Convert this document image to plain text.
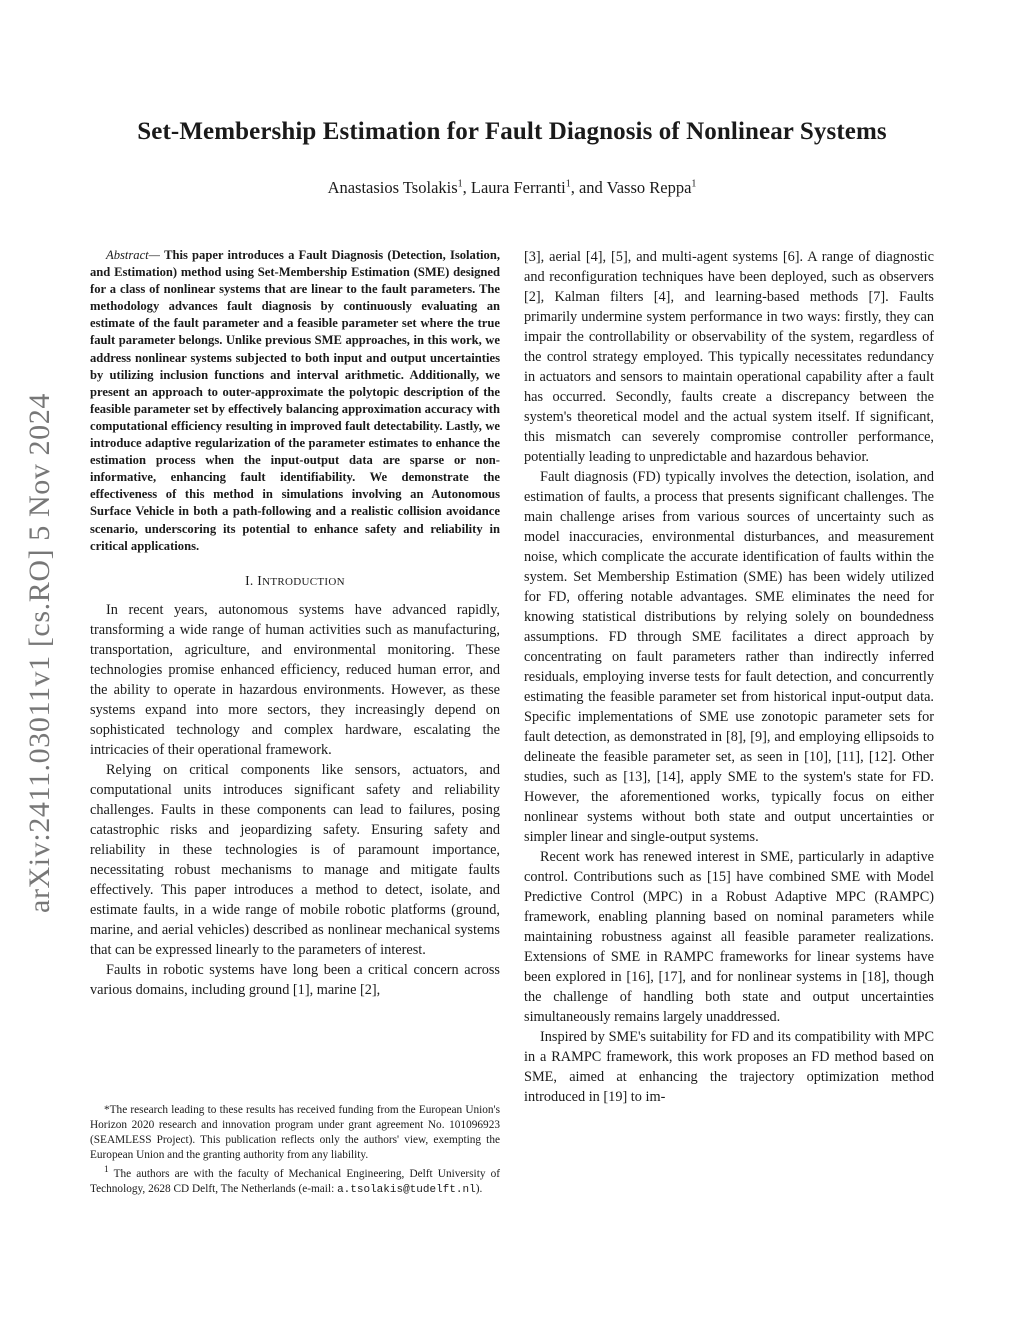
arXiv:2411.03011v1 [cs.RO] 5 Nov 2024
Set-Membership Estimation for Fault Diagnosis of Nonlinear Systems
Anastasios Tsolakis$^1$, Laura Ferranti$^1$, and Vasso Reppa$^1$

Abstract— This paper introduces a Fault Diagnosis (Detection, Isolation, and Estimation) method using Set-Membership Estimation (SME) designed for a class of nonlinear systems that are linear to the fault parameters. The methodology advances fault diagnosis by continuously evaluating an estimate of the fault parameter and a feasible parameter set where the true fault parameter belongs. Unlike previous SME approaches, in this work, we address nonlinear systems subjected to both input and output uncertainties by utilizing inclusion functions and interval arithmetic. Additionally, we present an approach to outer-approximate the polytopic description of the feasible parameter set by effectively balancing approximation accuracy with computational efficiency resulting in improved fault detectability. Lastly, we introduce adaptive regularization of the parameter estimates to enhance the estimation process when the input-output data are sparse or non-informative, enhancing fault identifiability. We demonstrate the effectiveness of this method in simulations involving an Autonomous Surface Vehicle in both a path-following and a realistic collision avoidance scenario, underscoring its potential to enhance safety and reliability in critical applications.

I. INTRODUCTION

In recent years, autonomous systems have advanced rapidly, transforming a wide range of human activities such as manufacturing, transportation, agriculture, and environmental monitoring. These technologies promise enhanced efficiency, reduced human error, and the ability to operate in hazardous environments. However, as these systems expand into more sectors, they increasingly depend on sophisticated technology and complex hardware, escalating the intricacies of their operational framework.

Relying on critical components like sensors, actuators, and computational units introduces significant safety and reliability challenges. Faults in these components can lead to failures, posing catastrophic risks and jeopardizing safety. Ensuring safety and reliability in these technologies is of paramount importance, necessitating robust mechanisms to manage and mitigate faults effectively. This paper introduces a method to detect, isolate, and estimate faults, in a wide range of mobile robotic platforms (ground, marine, and aerial vehicles) described as nonlinear mechanical systems that can be expressed linearly to the parameters of interest.

Faults in robotic systems have long been a critical concern across various domains, including ground [1], marine [2],

*The research leading to these results has received funding from the European Union's Horizon 2020 research and innovation program under grant agreement No. 101096923 (SEAMLESS Project). This publication reflects only the authors' view, exempting the European Union and the granting authority from any liability.

$^1$ The authors are with the faculty of Mechanical Engineering, Delft University of Technology, 2628 CD Delft, The Netherlands (e-mail: a.tsolakis@tudelft.nl).

[3], aerial [4], [5], and multi-agent systems [6]. A range of diagnostic and reconfiguration techniques have been deployed, such as observers [2], Kalman filters [4], and learning-based methods [7]. Faults primarily undermine system performance in two ways: firstly, they can impair the controllability or observability of the system, regardless of the control strategy employed. This typically necessitates redundancy in actuators and sensors to maintain operational capability after a fault has occurred. Secondly, faults create a discrepancy between the system's theoretical model and the actual system itself. If significant, this mismatch can severely compromise controller performance, potentially leading to unpredictable and hazardous behavior.

Fault diagnosis (FD) typically involves the detection, isolation, and estimation of faults, a process that presents significant challenges. The main challenge arises from various sources of uncertainty such as model inaccuracies, environmental disturbances, and measurement noise, which complicate the accurate identification of faults within the system. Set Membership Estimation (SME) has been widely utilized for FD, offering notable advantages. SME eliminates the need for knowing statistical distributions by relying solely on boundedness assumptions. FD through SME facilitates a direct approach by concentrating on fault parameters rather than indirectly inferred residuals, employing inverse tests for fault detection, and concurrently estimating the feasible parameter set from historical input-output data. Specific implementations of SME use zonotopic parameter sets for fault detection, as demonstrated in [8], [9], and employing ellipsoids to delineate the feasible parameter set, as seen in [10], [11], [12]. Other studies, such as [13], [14], apply SME to the system's state for FD. However, the aforementioned works, typically focus on either nonlinear systems without both state and output uncertainties or simpler linear and single-output systems.

Recent work has renewed interest in SME, particularly in adaptive control. Contributions such as [15] have combined SME with Model Predictive Control (MPC) in a Robust Adaptive MPC (RAMPC) framework, enabling planning based on nominal parameters while maintaining robustness against all feasible parameter realizations. Extensions of SME in RAMPC frameworks for linear systems have been explored in [16], [17], and for nonlinear systems in [18], though the challenge of handling both state and output uncertainties simultaneously remains largely unaddressed.

Inspired by SME's suitability for FD and its compatibility with MPC in a RAMPC framework, this work proposes an FD method based on SME, aimed at enhancing the trajectory optimization method introduced in [19] to im-
